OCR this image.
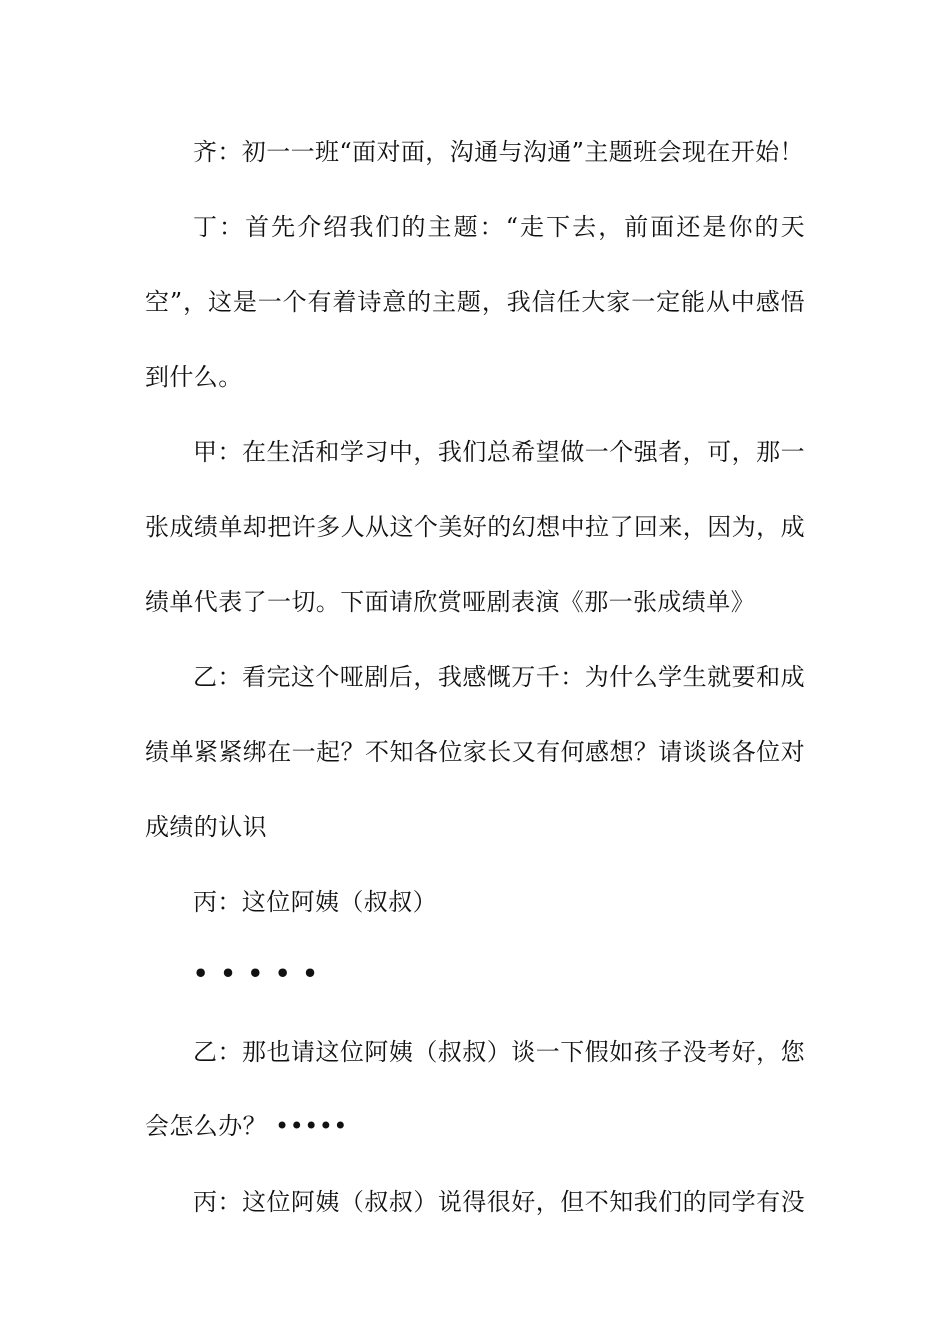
齐：初一一班“面对面，沟通与沟通”主题班会现在开始！
丁：首先介绍我们的主题：“走下去，前面还是你的天
空”，这是一个有着诗意的主题，我信任大家一定能从中感悟
到什么。
甲：在生活和学习中，我们总希望做一个强者，可，那一
张成绩单却把许多人从这个美好的幻想中拉了回来，因为，成
绩单代表了一切。下面请欣赏哑剧表演《那一张成绩单》
乙：看完这个哑剧后，我感慨万千：为什么学生就要和成
绩单紧紧绑在一起？不知各位家长又有何感想？请谈谈各位对
成绩的认识
丙：这位阿姨（叔叔）
•••••
乙：那也请这位阿姨（叔叔）谈一下假如孩子没考好，您
会怎么办？ •••••
丙：这位阿姨（叔叔）说得很好，但不知我们的同学有没
